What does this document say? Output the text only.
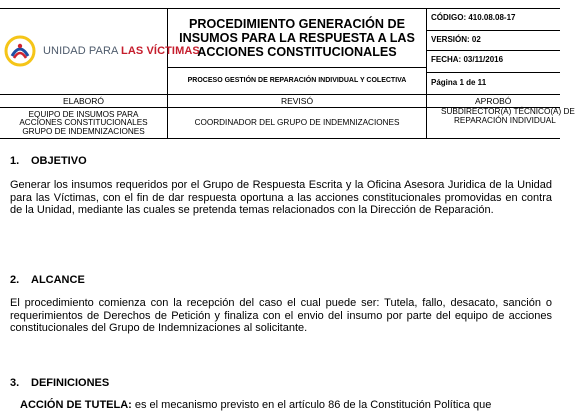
UNIDAD PARA LAS VÍCTIMAS
PROCEDIMIENTO GENERACIÓN DE INSUMOS PARA LA RESPUESTA A LAS ACCIONES CONSTITUCIONALES
PROCESO GESTIÓN DE REPARACIÓN INDIVIDUAL Y COLECTIVA
CÓDIGO: 410.08.08-17
VERSIÓN: 02
FECHA: 03/11/2016
Página 1 de 11
ELABORÓ	REVISÓ	APROBÓ
EQUIPO DE INSUMOS PARA ACCIONES CONSTITUCIONALES GRUPO DE INDEMNIZACIONES
COORDINADOR DEL GRUPO DE INDEMNIZACIONES
SUBDIRECTOR(A) TÉCNICO(A) DE
REPARACIÓN INDIVIDUAL
1. OBJETIVO
Generar los insumos requeridos por el Grupo de Respuesta Escrita y la Oficina Asesora Juridica de la Unidad para las Víctimas, con el fin de dar respuesta oportuna a las acciones constitucionales promovidas en contra de la Unidad, mediante las cuales se pretenda temas relacionados con la Dirección de Reparación.
2. ALCANCE
El procedimiento comienza con la recepción del caso el cual puede ser: Tutela, fallo, desacato, sanción o requerimientos de Derechos de Petición y finaliza con el envio del insumo por parte del equipo de acciones constitucionales del Grupo de Indemnizaciones al solicitante.
3. DEFINICIONES
ACCIÓN DE TUTELA: es el mecanismo previsto en el artículo 86 de la Constitución Política que
